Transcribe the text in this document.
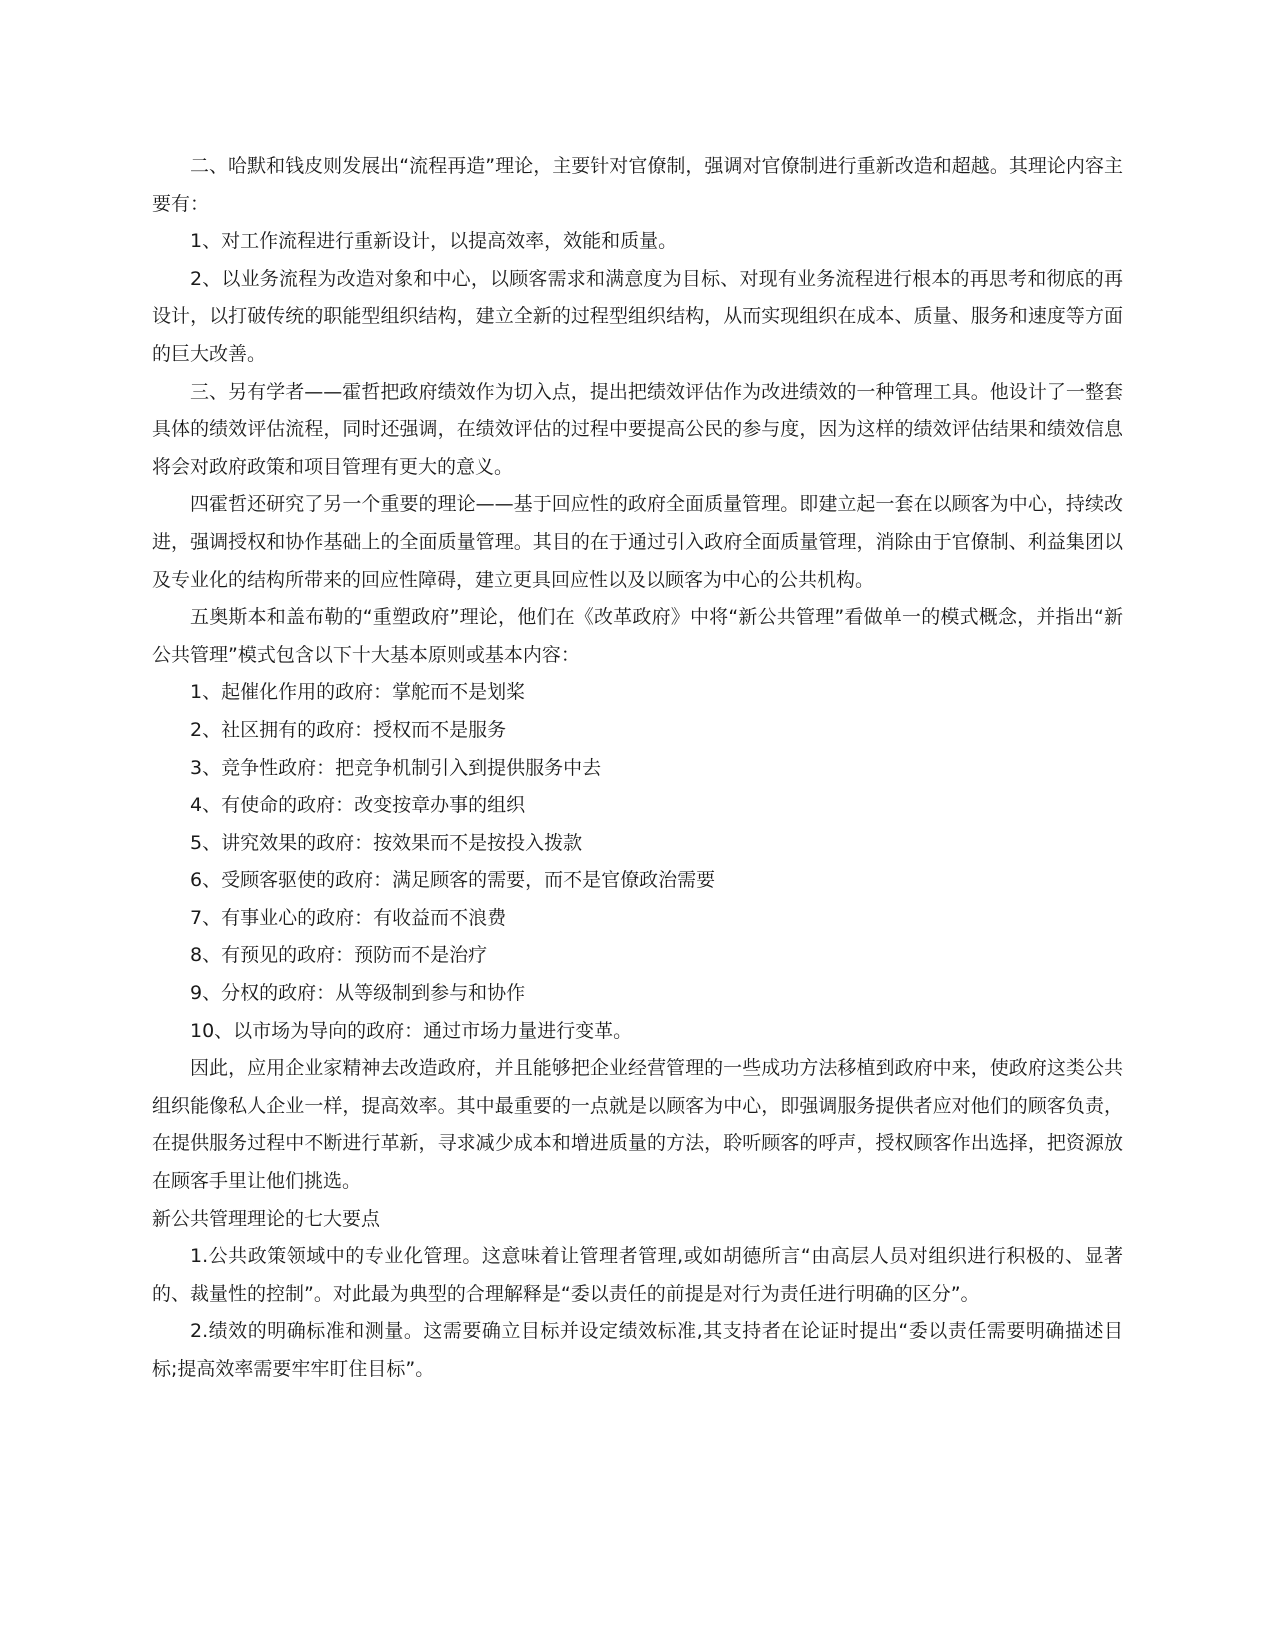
二、哈默和钱皮则发展出“流程再造”理论，主要针对官僚制，强调对官僚制进行重新改造和超越。其理论内容主要有：

1、对工作流程进行重新设计，以提高效率，效能和质量。

2、以业务流程为改造对象和中心，以顾客需求和满意度为目标、对现有业务流程进行根本的再思考和彻底的再设计，以打破传统的职能型组织结构，建立全新的过程型组织结构，从而实现组织在成本、质量、服务和速度等方面的巨大改善。

三、另有学者——霍哲把政府绩效作为切入点，提出把绩效评估作为改进绩效的一种管理工具。他设计了一整套具体的绩效评估流程，同时还强调，在绩效评估的过程中要提高公民的参与度，因为这样的绩效评估结果和绩效信息将会对政府政策和项目管理有更大的意义。

四霍哲还研究了另一个重要的理论——基于回应性的政府全面质量管理。即建立起一套在以顾客为中心，持续改进，强调授权和协作基础上的全面质量管理。其目的在于通过引入政府全面质量管理，消除由于官僚制、利益集团以及专业化的结构所带来的回应性障碍，建立更具回应性以及以顾客为中心的公共机构。

五奥斯本和盖布勒的“重塑政府”理论，他们在《改革政府》中将“新公共管理”看做单一的模式概念，并指出“新公共管理”模式包含以下十大基本原则或基本内容：

1、起催化作用的政府：掌舵而不是划桨

2、社区拥有的政府：授权而不是服务

3、竞争性政府：把竞争机制引入到提供服务中去

4、有使命的政府：改变按章办事的组织

5、讲究效果的政府：按效果而不是按投入拨款

6、受顾客驱使的政府：满足顾客的需要，而不是官僚政治需要

7、有事业心的政府：有收益而不浪费

8、有预见的政府：预防而不是治疗

9、分权的政府：从等级制到参与和协作

10、以市场为导向的政府：通过市场力量进行变革。

因此，应用企业家精神去改造政府，并且能够把企业经营管理的一些成功方法移植到政府中来，使政府这类公共组织能像私人企业一样，提高效率。其中最重要的一点就是以顾客为中心，即强调服务提供者应对他们的顾客负责，在提供服务过程中不断进行革新，寻求减少成本和增进质量的方法，聆听顾客的呼声，授权顾客作出选择，把资源放在顾客手里让他们挑选。

新公共管理理论的七大要点

1.公共政策领域中的专业化管理。这意味着让管理者管理,或如胡德所言“由高层人员对组织进行积极的、显著的、裁量性的控制”。对此最为典型的合理解释是“委以责任的前提是对行为责任进行明确的区分”。

2.绩效的明确标准和测量。这需要确立目标并设定绩效标准,其支持者在论证时提出“委以责任需要明确描述目标;提高效率需要牢牢盯住目标”。
